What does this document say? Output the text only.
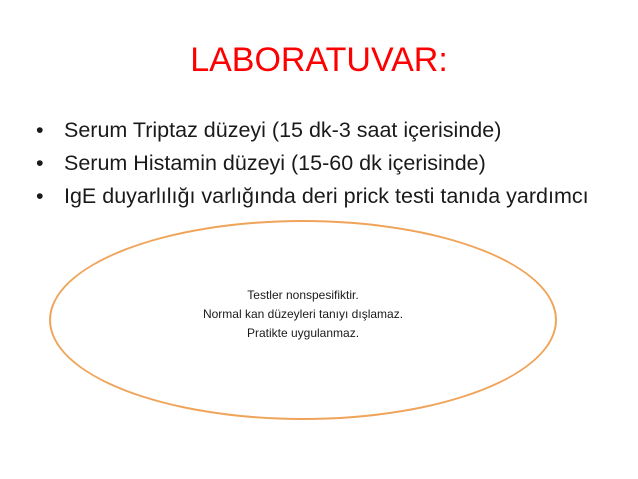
LABORATUVAR:
• Serum Triptaz düzeyi (15 dk-3 saat içerisinde)
• Serum Histamin düzeyi (15-60 dk içerisinde)
• IgE duyarlılığı varlığında deri prick testi tanıda yardımcı
Testler nonspesifiktir.
Normal kan düzeyleri tanıyı dışlamaz.
Pratikte uygulanmaz.
